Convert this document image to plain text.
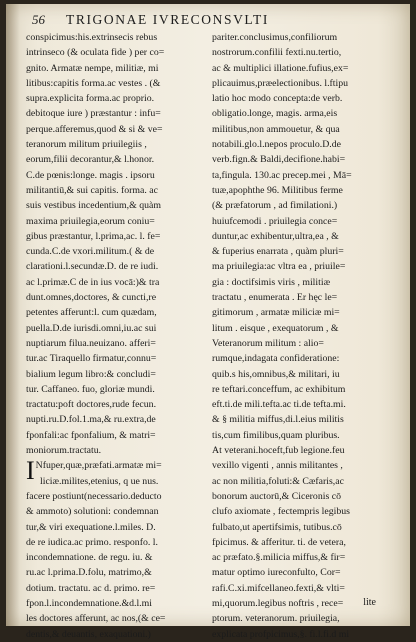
56 TRIGONAE IVRECONSVLTI
conspicimus:his.extrinsecis rebus
intrinseco (& oculata fide ) per co=
gnito. Armatæ nempe, militiæ, mi
litibus:capitis forma.ac vestes . (&
supra.explicita forma.ac proprio.
debitoque iure ) præstantur : infu=
perque.afferemus,quod & si & ve=
teranorum militum priuilegiis ,
eorum,filii decorantur,& l.honor.
C.de pœnis:longe. magis . ipsoru
militantiū,& sui capitis. forma. ac
suis vestibus incedentium,& quàm
maxima priuilegia,eorum coniu=
gibus præstantur, l.prima,ac. l. fe=
cunda.C.de vxori.militum.( & de
clarationi.l.secundæ.D. de re iudi.
ac l.primæ.C de in ius vocā:)& tra
dunt.omnes,doctores, & cuncti,re
petentes afferunt:l. cum quædam,
puella.D.de iurisdi.omni,iu.ac sui
nuptiarum filua.neuizano. afferi=
tur.ac Tiraquello firmatur,connu=
bialium legum libro:& concludi=
tur. Caffaneo. fuo, gloriæ mundi.
tractatu:poft doctores,rude fecun.
nupti.ru.D.fol.1.ma,& ru.extra,de
fponfali:ac fponfalium, & matri=
moniorum.tractatu.
INfuper,quæ,præfati.armatæ mi=
liciæ.milites,etenius, q ue nus.
facere postiunt(necessario.deducto
& ammoto) solutioni: condemnan
tur,& viri exequatione.l.miles. D.
de re iudica.ac primo. responfo. l.
incondemnatione. de regu. iu. &
ru.ac l.prima.D.folu, matrimo,&
dotium. tractatu. ac d. primo. re=
fpon.l.incondemnatione.&d.l.mi
les doctores afferunt, ac nos,(& ce=
dentis,& deuantis, exaquationi.)
pariter.conclusimus,confiliorum
nostrorum.confilii fexti.nu.tertio,
ac & multiplici illatione.fufius,ex=
plicauimus,præelectionibus. l.ftipu
latio hoc modo concepta:de verb.
obligatio.longe, magis. arma,eis
militibus,non ammouetur, & qua
notabili.glo.l.nepos proculo.D.de
verb.fign.& Baldi,decifione.habi=
ta,fingula. 130.ac precep.mei , Mā=
tuæ,apophthe 96. Militibus ferme
(& præfatorum , ad fimilationi.)
huiufcemodi . priuilegia conce=
duntur,ac exhibentur,ultra,ea , &
& fuperius enarrata , quàm pluri=
ma priuilegia:ac vltra ea , priuile=
gia : doctifsimis viris , militiæ
tractatu , enumerata . Er hęc le=
gitimorum , armatæ miliciæ mi=
litum . eisque , exequatorum , &
Veteranorum militum : alio=
rumque,indagata confideratione:
quib.s his,omnibus,& militari, iu
re teftari.conceffum, ac exhibitum
eft.ti.de mili.tefta.ac ti.de tefta.mi.
& § militia miffus,di.l.eius militis
tis,cum fimilibus,quam pluribus.
At veterani.hoceft,fub legione.feu
vexillo vigenti , annis militantes ,
ac non militia,foluti:& Cæfaris,ac
bonorum auctorū,& Ciceronis cō
clufo axiomate , fectempris legibus
fulbato,ut apertifsimis, tutibus.cō
fpicimus. & afferitur. ti. de vetera,
ac præfato.§.milicia miffus,& fir=
matur optimo iureconfulto, Cor=
rafi.C.xi.mifcellaneo.fexti,& vlti=
mi,quorum.legibus noftris , rece=
ptorum. veteranorum. priuilegia,
explicata profpicimus,§. fi.l.fi.d mi
lite
